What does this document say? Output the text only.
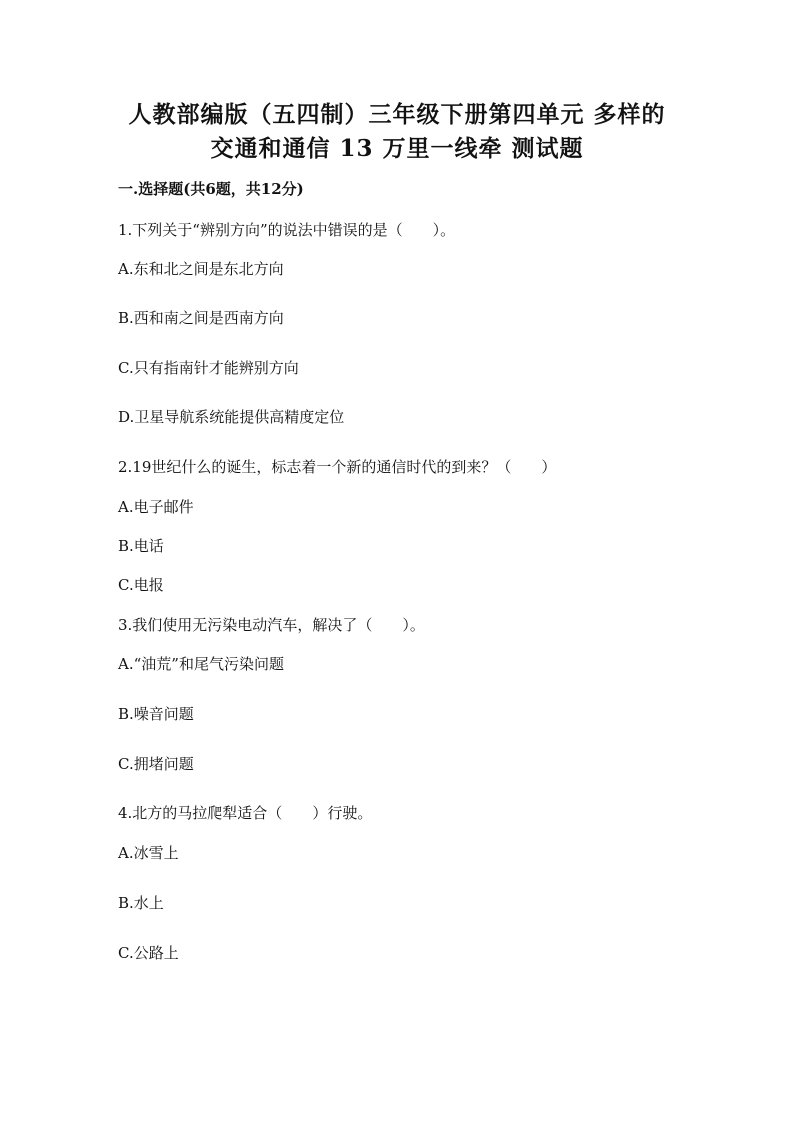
人教部编版（五四制）三年级下册第四单元 多样的
交通和通信 13 万里一线牵 测试题
一.选择题(共6题，共12分)
1.下列关于“辨别方向”的说法中错误的是（　　）。
A.东和北之间是东北方向
B.西和南之间是西南方向
C.只有指南针才能辨别方向
D.卫星导航系统能提供高精度定位
2.19世纪什么的诞生，标志着一个新的通信时代的到来？（　　）
A.电子邮件
B.电话
C.电报
3.我们使用无污染电动汽车，解决了（　　）。
A.“油荒”和尾气污染问题
B.噪音问题
C.拥堵问题
4.北方的马拉爬犁适合（　　）行驶。
A.冰雪上
B.水上
C.公路上
